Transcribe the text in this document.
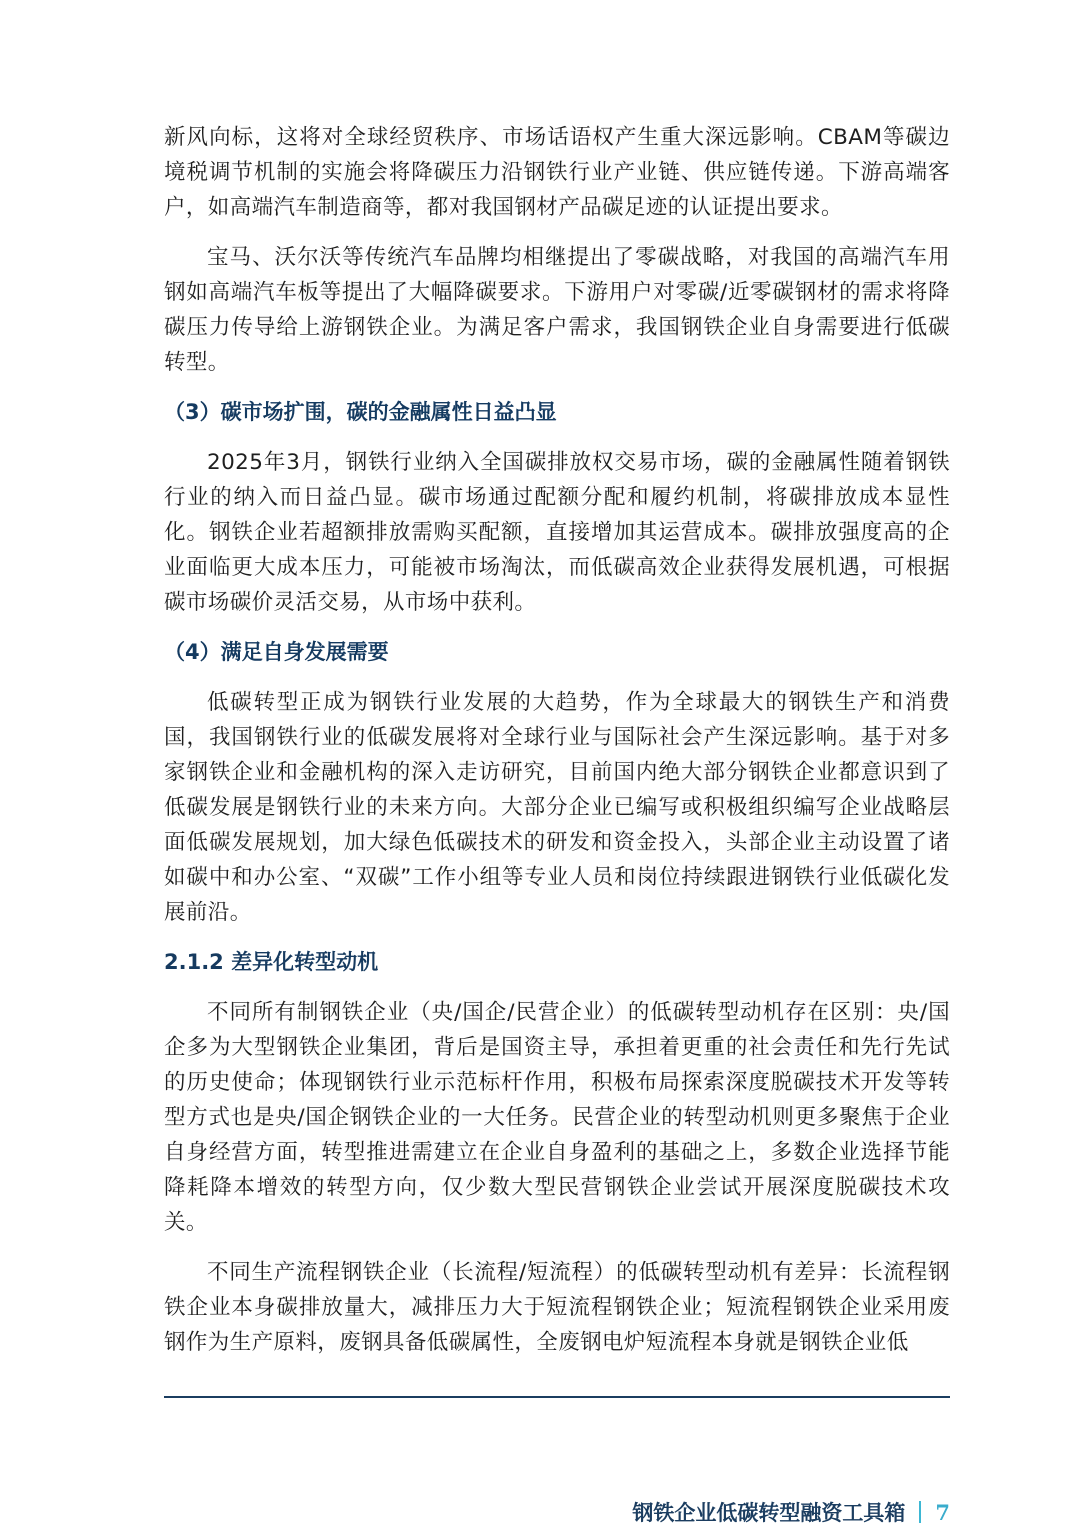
新风向标，这将对全球经贸秩序、市场话语权产生重大深远影响。CBAM等碳边境税调节机制的实施会将降碳压力沿钢铁行业产业链、供应链传递。下游高端客户，如高端汽车制造商等，都对我国钢材产品碳足迹的认证提出要求。

宝马、沃尔沃等传统汽车品牌均相继提出了零碳战略，对我国的高端汽车用钢如高端汽车板等提出了大幅降碳要求。下游用户对零碳/近零碳钢材的需求将降碳压力传导给上游钢铁企业。为满足客户需求，我国钢铁企业自身需要进行低碳转型。

（3）碳市场扩围，碳的金融属性日益凸显

2025年3月，钢铁行业纳入全国碳排放权交易市场，碳的金融属性随着钢铁行业的纳入而日益凸显。碳市场通过配额分配和履约机制，将碳排放成本显性化。钢铁企业若超额排放需购买配额，直接增加其运营成本。碳排放强度高的企业面临更大成本压力，可能被市场淘汰，而低碳高效企业获得发展机遇，可根据碳市场碳价灵活交易，从市场中获利。

（4）满足自身发展需要

低碳转型正成为钢铁行业发展的大趋势，作为全球最大的钢铁生产和消费国，我国钢铁行业的低碳发展将对全球行业与国际社会产生深远影响。基于对多家钢铁企业和金融机构的深入走访研究，目前国内绝大部分钢铁企业都意识到了低碳发展是钢铁行业的未来方向。大部分企业已编写或积极组织编写企业战略层面低碳发展规划，加大绿色低碳技术的研发和资金投入，头部企业主动设置了诸如碳中和办公室、“双碳”工作小组等专业人员和岗位持续跟进钢铁行业低碳化发展前沿。

2.1.2 差异化转型动机

不同所有制钢铁企业（央/国企/民营企业）的低碳转型动机存在区别：央/国企多为大型钢铁企业集团，背后是国资主导，承担着更重的社会责任和先行先试的历史使命；体现钢铁行业示范标杆作用，积极布局探索深度脱碳技术开发等转型方式也是央/国企钢铁企业的一大任务。民营企业的转型动机则更多聚焦于企业自身经营方面，转型推进需建立在企业自身盈利的基础之上，多数企业选择节能降耗降本增效的转型方向，仅少数大型民营钢铁企业尝试开展深度脱碳技术攻关。

不同生产流程钢铁企业（长流程/短流程）的低碳转型动机有差异：长流程钢铁企业本身碳排放量大，减排压力大于短流程钢铁企业；短流程钢铁企业采用废钢作为生产原料，废钢具备低碳属性，全废钢电炉短流程本身就是钢铁企业低

钢铁企业低碳转型融资工具箱 7
